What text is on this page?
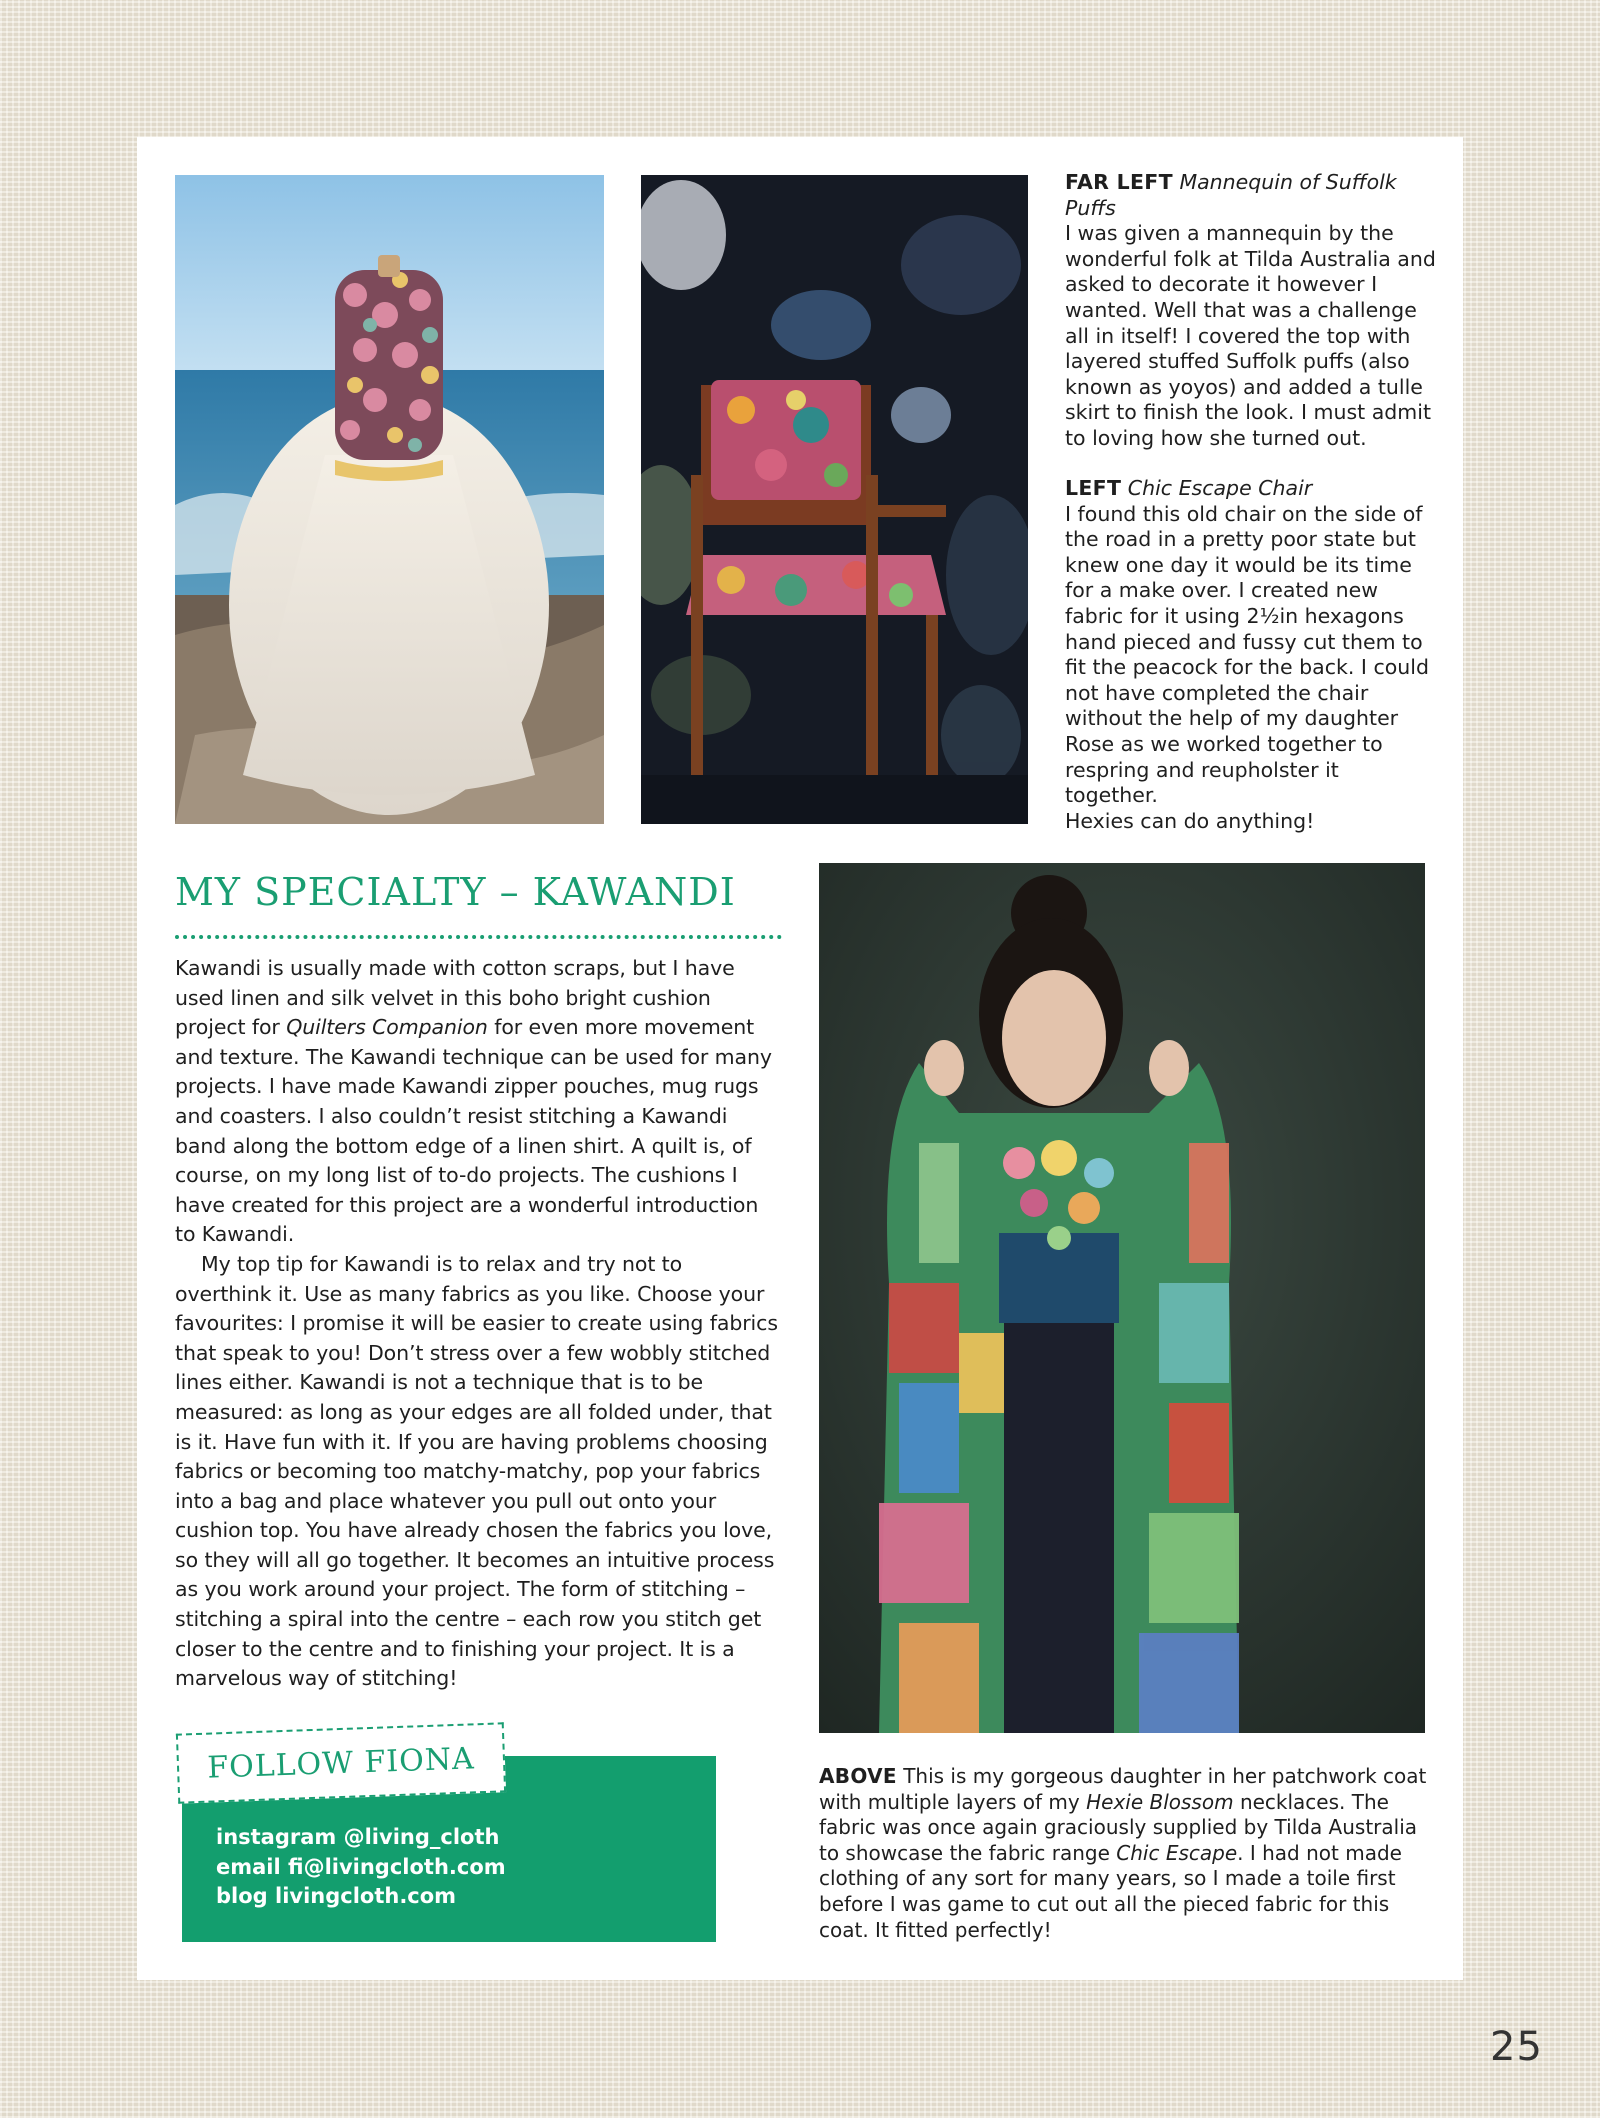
FAR LEFT Mannequin of Suffolk Puffs

I was given a mannequin by the wonderful folk at Tilda Australia and asked to decorate it however I wanted. Well that was a challenge all in itself! I covered the top with layered stuffed Suffolk puffs (also known as yoyos) and added a tulle skirt to finish the look. I must admit to loving how she turned out.

LEFT Chic Escape Chair

I found this old chair on the side of the road in a pretty poor state but knew one day it would be its time for a make over. I created new fabric for it using 2½in hexagons hand pieced and fussy cut them to fit the peacock for the back. I could not have completed the chair without the help of my daughter Rose as we worked together to respring and reupholster it together.

Hexies can do anything!

MY SPECIALTY – KAWANDI

Kawandi is usually made with cotton scraps, but I have used linen and silk velvet in this boho bright cushion project for Quilters Companion for even more movement and texture. The Kawandi technique can be used for many projects. I have made Kawandi zipper pouches, mug rugs and coasters. I also couldn’t resist stitching a Kawandi band along the bottom edge of a linen shirt. A quilt is, of course, on my long list of to-do projects. The cushions I have created for this project are a wonderful introduction to Kawandi.

My top tip for Kawandi is to relax and try not to overthink it. Use as many fabrics as you like. Choose your favourites: I promise it will be easier to create using fabrics that speak to you! Don’t stress over a few wobbly stitched lines either. Kawandi is not a technique that is to be measured: as long as your edges are all folded under, that is it. Have fun with it. If you are having problems choosing fabrics or becoming too matchy-matchy, pop your fabrics into a bag and place whatever you pull out onto your cushion top. You have already chosen the fabrics you love, so they will all go together. It becomes an intuitive process as you work around your project. The form of stitching – stitching a spiral into the centre – each row you stitch get closer to the centre and to finishing your project. It is a marvelous way of stitching!

FOLLOW FIONA
instagram @living_cloth
email fi@livingcloth.com
blog livingcloth.com

ABOVE This is my gorgeous daughter in her patchwork coat with multiple layers of my Hexie Blossom necklaces. The fabric was once again graciously supplied by Tilda Australia to showcase the fabric range Chic Escape. I had not made clothing of any sort for many years, so I made a toile first before I was game to cut out all the pieced fabric for this coat. It fitted perfectly!

25
